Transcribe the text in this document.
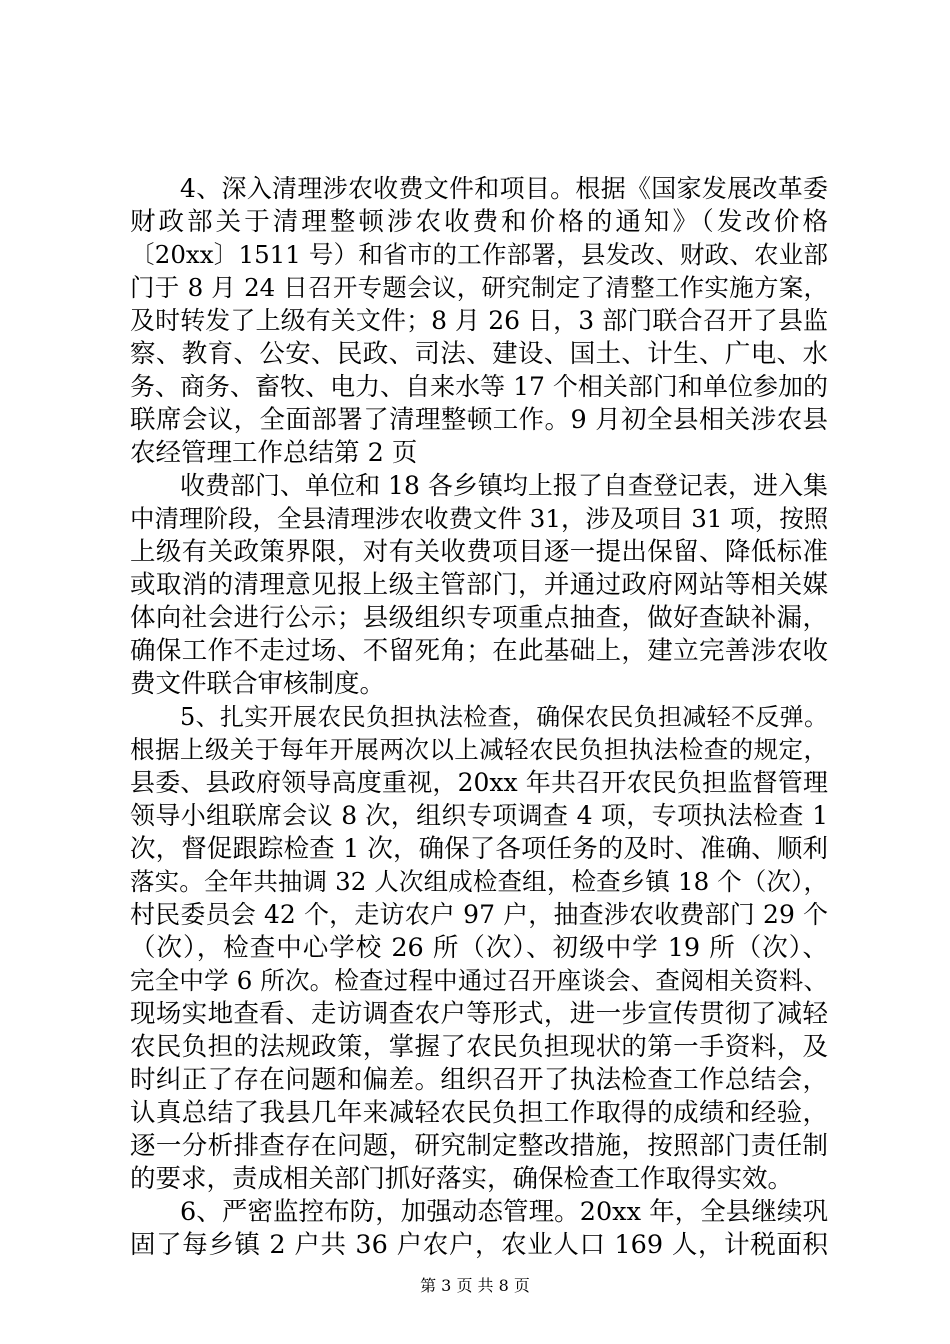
4、深入清理涉农收费文件和项目。根据《国家发展改革委
财政部关于清理整顿涉农收费和价格的通知》（发改价格
〔20xx〕1511 号）和省市的工作部署，县发改、财政、农业部
门于 8 月 24 日召开专题会议，研究制定了清整工作实施方案，
及时转发了上级有关文件；8 月 26 日，3 部门联合召开了县监
察、教育、公安、民政、司法、建设、国土、计生、广电、水
务、商务、畜牧、电力、自来水等 17 个相关部门和单位参加的
联席会议，全面部署了清理整顿工作。9 月初全县相关涉农县
农经管理工作总结第 2 页
收费部门、单位和 18 各乡镇均上报了自查登记表，进入集
中清理阶段，全县清理涉农收费文件 31，涉及项目 31 项，按照
上级有关政策界限，对有关收费项目逐一提出保留、降低标准
或取消的清理意见报上级主管部门，并通过政府网站等相关媒
体向社会进行公示；县级组织专项重点抽查，做好查缺补漏，
确保工作不走过场、不留死角；在此基础上，建立完善涉农收
费文件联合审核制度。
5、扎实开展农民负担执法检查，确保农民负担减轻不反弹。
根据上级关于每年开展两次以上减轻农民负担执法检查的规定，
县委、县政府领导高度重视，20xx 年共召开农民负担监督管理
领导小组联席会议 8 次，组织专项调查 4 项，专项执法检查 1
次，督促跟踪检查 1 次，确保了各项任务的及时、准确、顺利
落实。全年共抽调 32 人次组成检查组，检查乡镇 18 个（次），
村民委员会 42 个，走访农户 97 户，抽查涉农收费部门 29 个
（次），检查中心学校 26 所（次）、初级中学 19 所（次）、
完全中学 6 所次。检查过程中通过召开座谈会、查阅相关资料、
现场实地查看、走访调查农户等形式，进一步宣传贯彻了减轻
农民负担的法规政策，掌握了农民负担现状的第一手资料，及
时纠正了存在问题和偏差。组织召开了执法检查工作总结会，
认真总结了我县几年来减轻农民负担工作取得的成绩和经验，
逐一分析排查存在问题，研究制定整改措施，按照部门责任制
的要求，责成相关部门抓好落实，确保检查工作取得实效。
6、严密监控布防，加强动态管理。20xx 年，全县继续巩
固了每乡镇 2 户共 36 户农户，农业人口 169 人，计税面积
第 3 页 共 8 页
